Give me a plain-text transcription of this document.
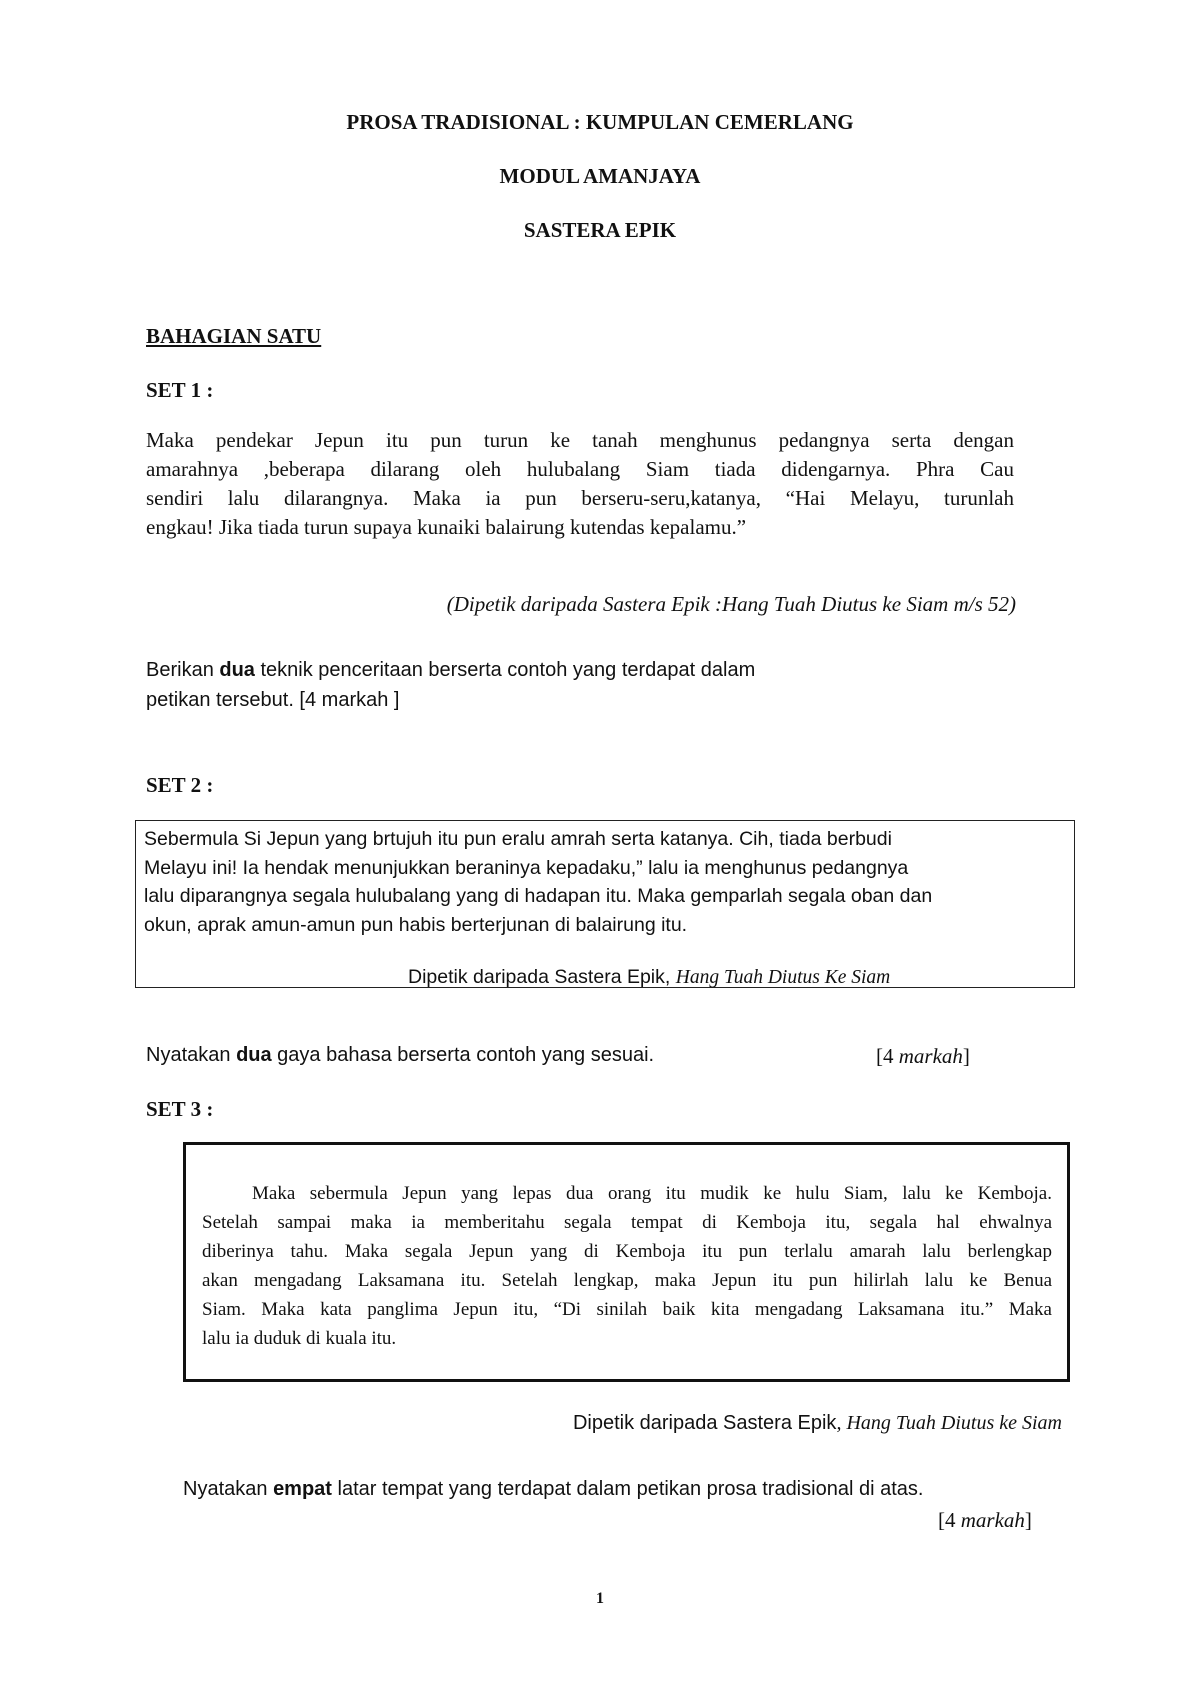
PROSA TRADISIONAL : KUMPULAN CEMERLANG
MODUL AMANJAYA
SASTERA EPIK
BAHAGIAN SATU
SET 1 :
Maka pendekar Jepun itu pun turun ke tanah menghunus pedangnya serta dengan
amarahnya ,beberapa dilarang oleh hulubalang Siam tiada didengarnya. Phra Cau
sendiri lalu dilarangnya. Maka ia pun berseru-seru,katanya, “Hai Melayu, turunlah
engkau! Jika tiada turun supaya kunaiki balairung kutendas kepalamu.”
(Dipetik daripada Sastera Epik :Hang Tuah Diutus ke Siam m/s 52)
Berikan dua teknik penceritaan berserta contoh yang terdapat dalam
petikan tersebut. [4 markah ]
SET 2 :
Sebermula Si Jepun yang brtujuh itu pun eralu amrah serta katanya. Cih, tiada berbudi
Melayu ini! Ia hendak menunjukkan beraninya kepadaku,” lalu ia menghunus pedangnya
lalu diparangnya segala hulubalang yang di hadapan itu. Maka gemparlah segala oban dan
okun, aprak amun-amun pun habis berterjunan di balairung itu.
Dipetik daripada Sastera Epik, Hang Tuah Diutus Ke Siam
Nyatakan dua gaya bahasa berserta contoh yang sesuai.	[4 markah]
SET 3 :
Maka sebermula Jepun yang lepas dua orang itu mudik ke hulu Siam, lalu ke Kemboja.
Setelah sampai maka ia memberitahu segala tempat di Kemboja itu, segala hal ehwalnya
diberinya tahu. Maka segala Jepun yang di Kemboja itu pun terlalu amarah lalu berlengkap
akan mengadang Laksamana itu. Setelah lengkap, maka Jepun itu pun hilirlah lalu ke Benua
Siam. Maka kata panglima Jepun itu, “Di sinilah baik kita mengadang Laksamana itu.” Maka
lalu ia duduk di kuala itu.
Dipetik daripada Sastera Epik, Hang Tuah Diutus ke Siam
Nyatakan empat latar tempat yang terdapat dalam petikan prosa tradisional di atas.
[4 markah]
1
